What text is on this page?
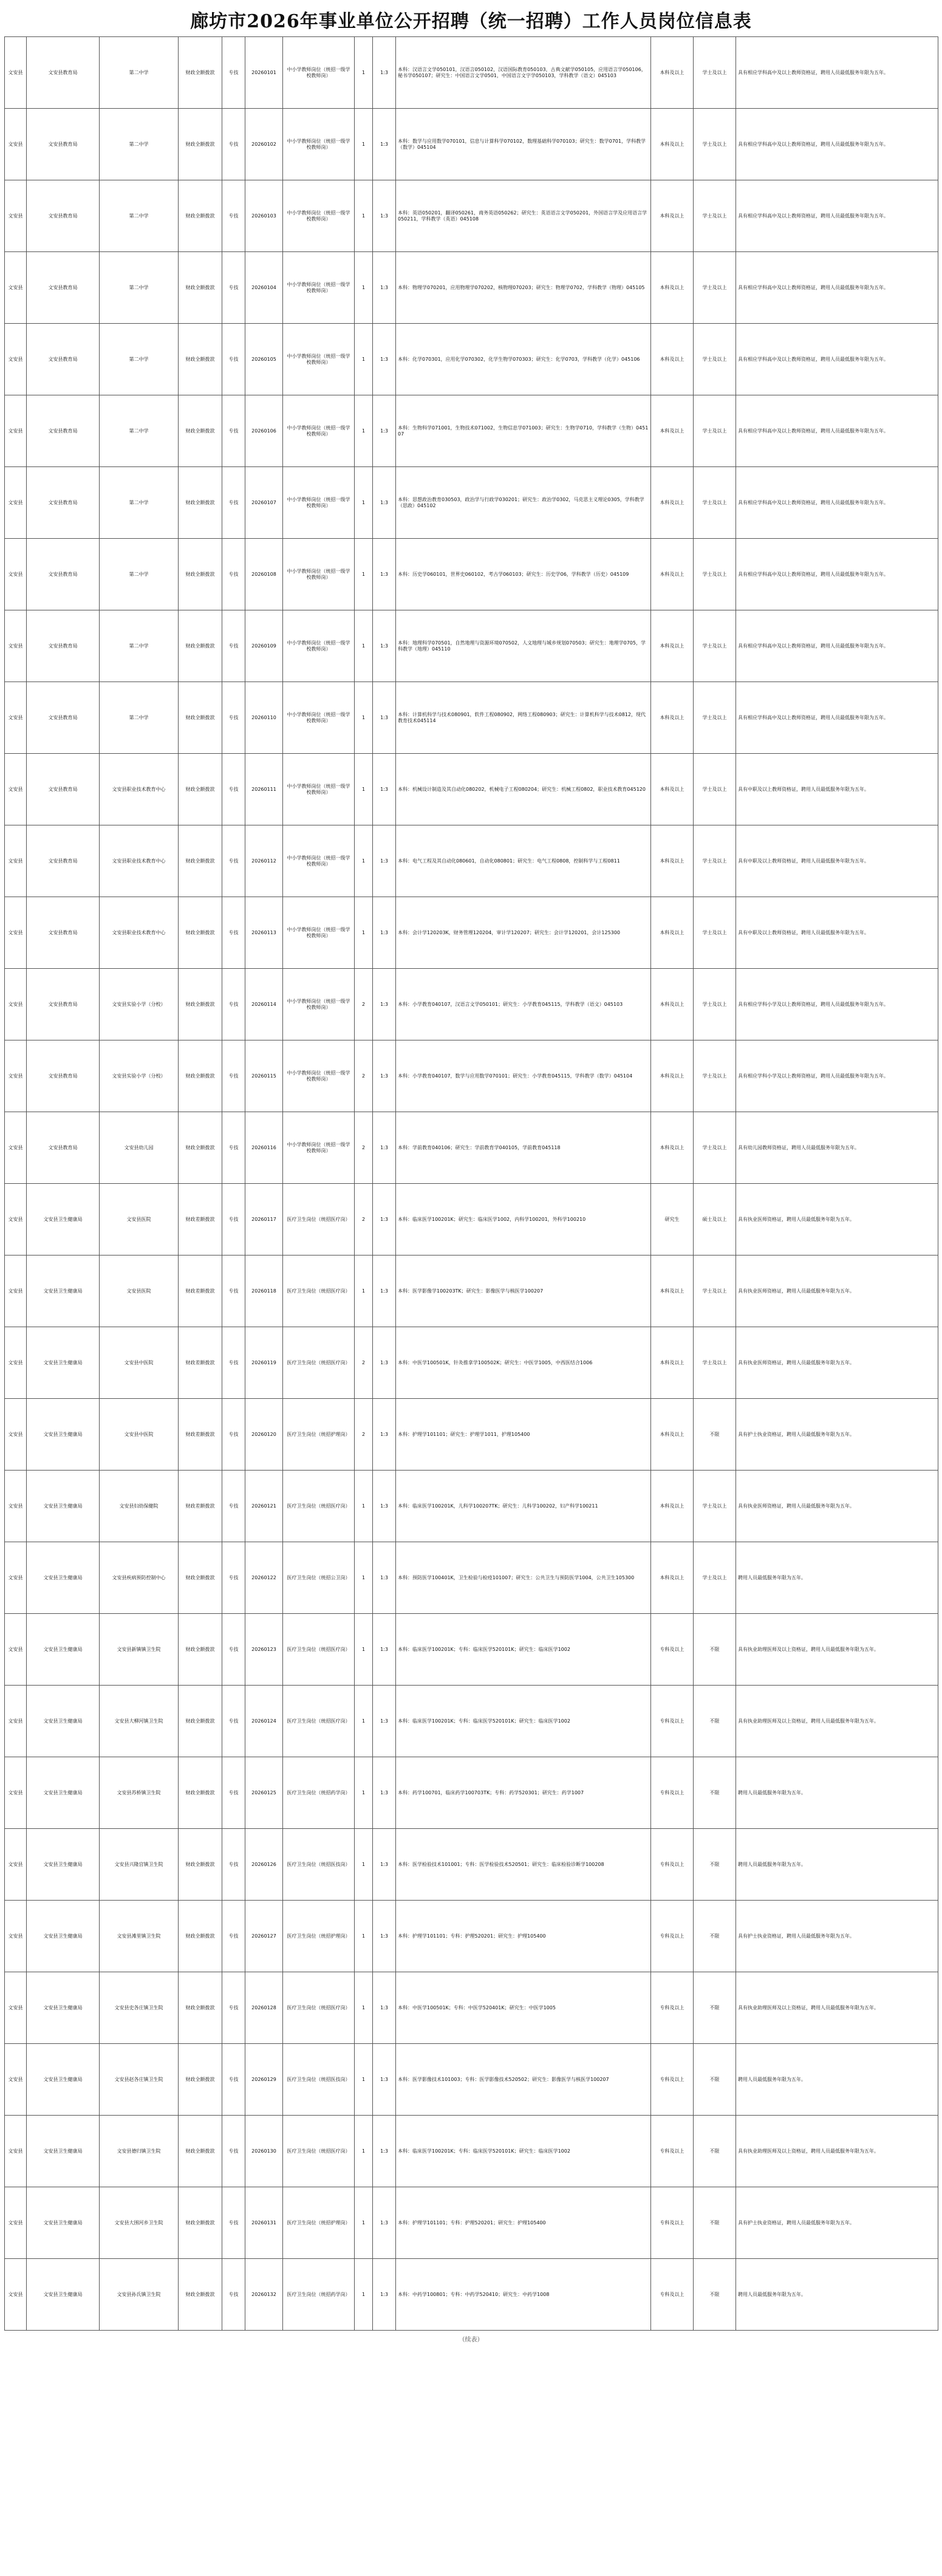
廊坊市2026年事业单位公开招聘（统一招聘）工作人员岗位信息表
文安县	文安县教育局	第二中学	财政全额拨款	专技	20260101	中小学教师岗位（统招一级学校教师岗）	1	1:3	本科：汉语言文学050101，汉语言050102，汉语国际教育050103，古典文献学050105，应用语言学050106，秘书学050107；研究生：中国语言文学0501，中国语言文字学050103，学科教学（语文）045103	本科及以上	学士及以上	具有相应学科高中及以上教师资格证，聘用人员最低服务年限为五年。
文安县	文安县教育局	第二中学	财政全额拨款	专技	20260102	中小学教师岗位（统招一级学校教师岗）	1	1:3	本科：数学与应用数学070101，信息与计算科学070102，数理基础科学070103；研究生：数学0701，学科教学（数学）045104	本科及以上	学士及以上	具有相应学科高中及以上教师资格证，聘用人员最低服务年限为五年。
文安县	文安县教育局	第二中学	财政全额拨款	专技	20260103	中小学教师岗位（统招一级学校教师岗）	1	1:3	本科：英语050201，翻译050261，商务英语050262；研究生：英语语言文学050201，外国语言学及应用语言学050211，学科教学（英语）045108	本科及以上	学士及以上	具有相应学科高中及以上教师资格证，聘用人员最低服务年限为五年。
文安县	文安县教育局	第二中学	财政全额拨款	专技	20260104	中小学教师岗位（统招一级学校教师岗）	1	1:3	本科：物理学070201，应用物理学070202，核物理070203；研究生：物理学0702，学科教学（物理）045105	本科及以上	学士及以上	具有相应学科高中及以上教师资格证，聘用人员最低服务年限为五年。
文安县	文安县教育局	第二中学	财政全额拨款	专技	20260105	中小学教师岗位（统招一级学校教师岗）	1	1:3	本科：化学070301，应用化学070302，化学生物学070303；研究生：化学0703，学科教学（化学）045106	本科及以上	学士及以上	具有相应学科高中及以上教师资格证，聘用人员最低服务年限为五年。
文安县	文安县教育局	第二中学	财政全额拨款	专技	20260106	中小学教师岗位（统招一级学校教师岗）	1	1:3	本科：生物科学071001，生物技术071002，生物信息学071003；研究生：生物学0710，学科教学（生物）045107	本科及以上	学士及以上	具有相应学科高中及以上教师资格证，聘用人员最低服务年限为五年。
文安县	文安县教育局	第二中学	财政全额拨款	专技	20260107	中小学教师岗位（统招一级学校教师岗）	1	1:3	本科：思想政治教育030503，政治学与行政学030201；研究生：政治学0302，马克思主义理论0305，学科教学（思政）045102	本科及以上	学士及以上	具有相应学科高中及以上教师资格证，聘用人员最低服务年限为五年。
文安县	文安县教育局	第二中学	财政全额拨款	专技	20260108	中小学教师岗位（统招一级学校教师岗）	1	1:3	本科：历史学060101，世界史060102，考古学060103；研究生：历史学06，学科教学（历史）045109	本科及以上	学士及以上	具有相应学科高中及以上教师资格证，聘用人员最低服务年限为五年。
文安县	文安县教育局	第二中学	财政全额拨款	专技	20260109	中小学教师岗位（统招一级学校教师岗）	1	1:3	本科：地理科学070501，自然地理与资源环境070502，人文地理与城乡规划070503；研究生：地理学0705，学科教学（地理）045110	本科及以上	学士及以上	具有相应学科高中及以上教师资格证，聘用人员最低服务年限为五年。
文安县	文安县教育局	第二中学	财政全额拨款	专技	20260110	中小学教师岗位（统招一级学校教师岗）	1	1:3	本科：计算机科学与技术080901，软件工程080902，网络工程080903；研究生：计算机科学与技术0812，现代教育技术045114	本科及以上	学士及以上	具有相应学科高中及以上教师资格证，聘用人员最低服务年限为五年。
文安县	文安县教育局	文安县职业技术教育中心	财政全额拨款	专技	20260111	中小学教师岗位（统招一级学校教师岗）	1	1:3	本科：机械设计制造及其自动化080202，机械电子工程080204；研究生：机械工程0802，职业技术教育045120	本科及以上	学士及以上	具有中职及以上教师资格证，聘用人员最低服务年限为五年。
文安县	文安县教育局	文安县职业技术教育中心	财政全额拨款	专技	20260112	中小学教师岗位（统招一级学校教师岗）	1	1:3	本科：电气工程及其自动化080601，自动化080801；研究生：电气工程0808，控制科学与工程0811	本科及以上	学士及以上	具有中职及以上教师资格证，聘用人员最低服务年限为五年。
文安县	文安县教育局	文安县职业技术教育中心	财政全额拨款	专技	20260113	中小学教师岗位（统招一级学校教师岗）	1	1:3	本科：会计学120203K，财务管理120204，审计学120207；研究生：会计学120201，会计125300	本科及以上	学士及以上	具有中职及以上教师资格证，聘用人员最低服务年限为五年。
文安县	文安县教育局	文安县实验小学（分校）	财政全额拨款	专技	20260114	中小学教师岗位（统招一级学校教师岗）	2	1:3	本科：小学教育040107，汉语言文学050101；研究生：小学教育045115，学科教学（语文）045103	本科及以上	学士及以上	具有相应学科小学及以上教师资格证，聘用人员最低服务年限为五年。
文安县	文安县教育局	文安县实验小学（分校）	财政全额拨款	专技	20260115	中小学教师岗位（统招一级学校教师岗）	2	1:3	本科：小学教育040107，数学与应用数学070101；研究生：小学教育045115，学科教学（数学）045104	本科及以上	学士及以上	具有相应学科小学及以上教师资格证，聘用人员最低服务年限为五年。
文安县	文安县教育局	文安县幼儿园	财政全额拨款	专技	20260116	中小学教师岗位（统招一级学校教师岗）	2	1:3	本科：学前教育040106；研究生：学前教育学040105，学前教育045118	本科及以上	学士及以上	具有幼儿园教师资格证，聘用人员最低服务年限为五年。
文安县	文安县卫生健康局	文安县医院	财政差额拨款	专技	20260117	医疗卫生岗位（统招医疗岗）	2	1:3	本科：临床医学100201K；研究生：临床医学1002，内科学100201，外科学100210	研究生	硕士及以上	具有执业医师资格证，聘用人员最低服务年限为五年。
文安县	文安县卫生健康局	文安县医院	财政差额拨款	专技	20260118	医疗卫生岗位（统招医疗岗）	1	1:3	本科：医学影像学100203TK；研究生：影像医学与核医学100207	本科及以上	学士及以上	具有执业医师资格证，聘用人员最低服务年限为五年。
文安县	文安县卫生健康局	文安县中医院	财政差额拨款	专技	20260119	医疗卫生岗位（统招医疗岗）	2	1:3	本科：中医学100501K，针灸推拿学100502K；研究生：中医学1005，中西医结合1006	本科及以上	学士及以上	具有执业医师资格证，聘用人员最低服务年限为五年。
文安县	文安县卫生健康局	文安县中医院	财政差额拨款	专技	20260120	医疗卫生岗位（统招护理岗）	2	1:3	本科：护理学101101；研究生：护理学1011，护理105400	本科及以上	不限	具有护士执业资格证，聘用人员最低服务年限为五年。
文安县	文安县卫生健康局	文安县妇幼保健院	财政差额拨款	专技	20260121	医疗卫生岗位（统招医疗岗）	1	1:3	本科：临床医学100201K，儿科学100207TK；研究生：儿科学100202，妇产科学100211	本科及以上	学士及以上	具有执业医师资格证，聘用人员最低服务年限为五年。
文安县	文安县卫生健康局	文安县疾病预防控制中心	财政全额拨款	专技	20260122	医疗卫生岗位（统招公卫岗）	1	1:3	本科：预防医学100401K，卫生检验与检疫101007；研究生：公共卫生与预防医学1004，公共卫生105300	本科及以上	学士及以上	聘用人员最低服务年限为五年。
文安县	文安县卫生健康局	文安县新镇镇卫生院	财政全额拨款	专技	20260123	医疗卫生岗位（统招医疗岗）	1	1:3	本科：临床医学100201K；专科：临床医学520101K；研究生：临床医学1002	专科及以上	不限	具有执业助理医师及以上资格证，聘用人员最低服务年限为五年。
文安县	文安县卫生健康局	文安县大柳河镇卫生院	财政全额拨款	专技	20260124	医疗卫生岗位（统招医疗岗）	1	1:3	本科：临床医学100201K；专科：临床医学520101K；研究生：临床医学1002	专科及以上	不限	具有执业助理医师及以上资格证，聘用人员最低服务年限为五年。
文安县	文安县卫生健康局	文安县苏桥镇卫生院	财政全额拨款	专技	20260125	医疗卫生岗位（统招药学岗）	1	1:3	本科：药学100701，临床药学100703TK；专科：药学520301；研究生：药学1007	专科及以上	不限	聘用人员最低服务年限为五年。
文安县	文安县卫生健康局	文安县兴隆宫镇卫生院	财政全额拨款	专技	20260126	医疗卫生岗位（统招医技岗）	1	1:3	本科：医学检验技术101001；专科：医学检验技术520501；研究生：临床检验诊断学100208	专科及以上	不限	聘用人员最低服务年限为五年。
文安县	文安县卫生健康局	文安县滩里镇卫生院	财政全额拨款	专技	20260127	医疗卫生岗位（统招护理岗）	1	1:3	本科：护理学101101；专科：护理520201；研究生：护理105400	专科及以上	不限	具有护士执业资格证，聘用人员最低服务年限为五年。
文安县	文安县卫生健康局	文安县史各庄镇卫生院	财政全额拨款	专技	20260128	医疗卫生岗位（统招医疗岗）	1	1:3	本科：中医学100501K；专科：中医学520401K；研究生：中医学1005	专科及以上	不限	具有执业助理医师及以上资格证，聘用人员最低服务年限为五年。
文安县	文安县卫生健康局	文安县赵各庄镇卫生院	财政全额拨款	专技	20260129	医疗卫生岗位（统招医技岗）	1	1:3	本科：医学影像技术101003；专科：医学影像技术520502；研究生：影像医学与核医学100207	专科及以上	不限	聘用人员最低服务年限为五年。
文安县	文安县卫生健康局	文安县德归镇卫生院	财政全额拨款	专技	20260130	医疗卫生岗位（统招医疗岗）	1	1:3	本科：临床医学100201K；专科：临床医学520101K；研究生：临床医学1002	专科及以上	不限	具有执业助理医师及以上资格证，聘用人员最低服务年限为五年。
文安县	文安县卫生健康局	文安县大围河乡卫生院	财政全额拨款	专技	20260131	医疗卫生岗位（统招护理岗）	1	1:3	本科：护理学101101；专科：护理520201；研究生：护理105400	专科及以上	不限	具有护士执业资格证，聘用人员最低服务年限为五年。
文安县	文安县卫生健康局	文安县孙氏镇卫生院	财政全额拨款	专技	20260132	医疗卫生岗位（统招药学岗）	1	1:3	本科：中药学100801；专科：中药学520410；研究生：中药学1008	专科及以上	不限	聘用人员最低服务年限为五年。
（续表）
